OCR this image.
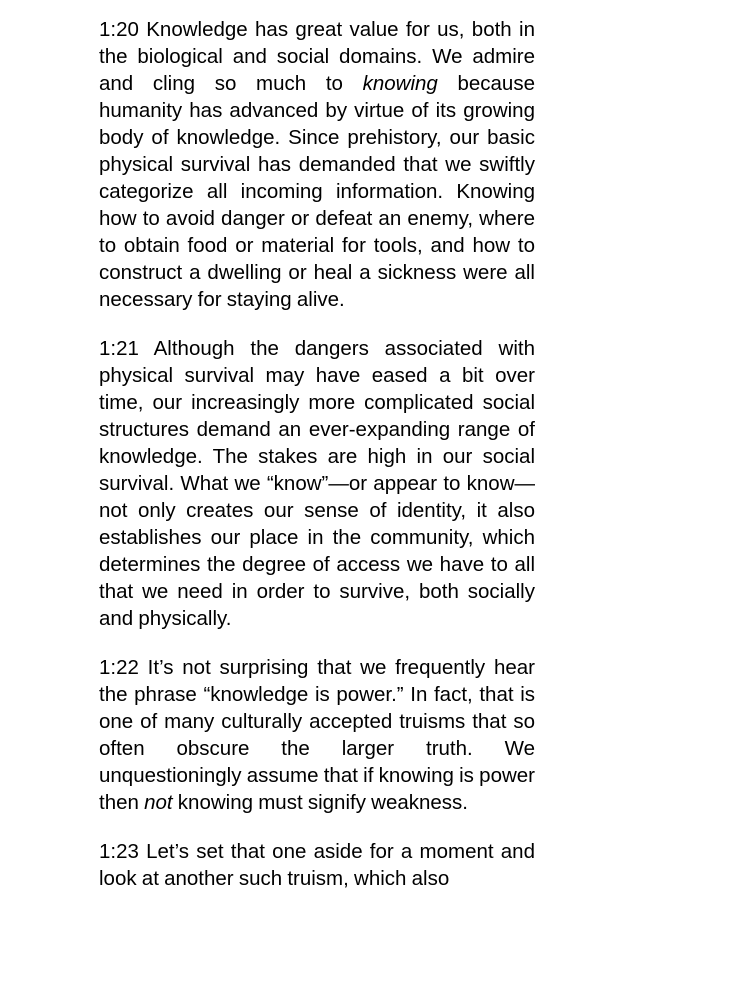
1:20 Knowledge has great value for us, both in the biological and social domains. We admire and cling so much to knowing because humanity has advanced by virtue of its growing body of knowledge. Since prehistory, our basic physical survival has demanded that we swiftly categorize all incoming information. Knowing how to avoid danger or defeat an enemy, where to obtain food or material for tools, and how to construct a dwelling or heal a sickness were all necessary for staying alive.

1:21 Although the dangers associated with physical survival may have eased a bit over time, our increasingly more complicated social structures demand an ever-expanding range of knowledge. The stakes are high in our social survival. What we “know”—or appear to know—not only creates our sense of identity, it also establishes our place in the community, which determines the degree of access we have to all that we need in order to survive, both socially and physically.

1:22 It’s not surprising that we frequently hear the phrase “knowledge is power.” In fact, that is one of many culturally accepted truisms that so often obscure the larger truth. We unquestioningly assume that if knowing is power then not knowing must signify weakness.

1:23 Let’s set that one aside for a moment and look at another such truism, which also
